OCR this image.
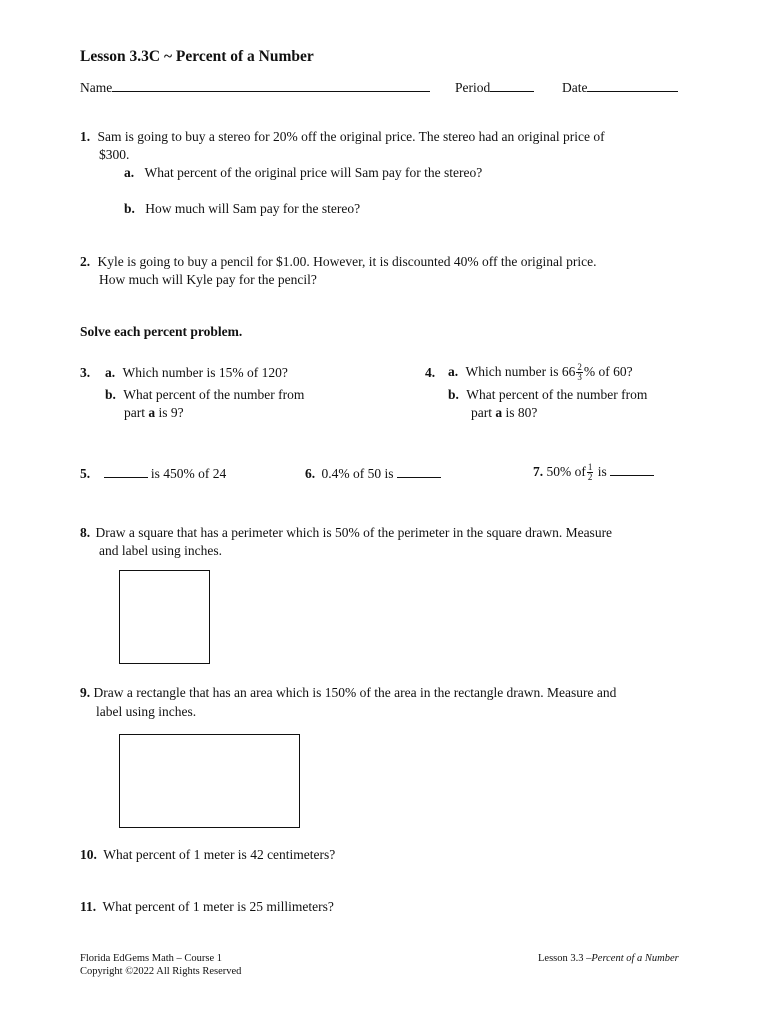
Lesson 3.3C ~ Percent of a Number
Name	Period	Date
1. Sam is going to buy a stereo for 20% off the original price. The stereo had an original price of
$300.
a. What percent of the original price will Sam pay for the stereo?
b. How much will Sam pay for the stereo?
2. Kyle is going to buy a pencil for $1.00. However, it is discounted 40% off the original price.
How much will Kyle pay for the pencil?
Solve each percent problem.
3. a. Which number is 15% of 120?
b. What percent of the number from
part a is 9?
4. a. Which number is $66 \frac{2}{3}$ % of 60?
b. What percent of the number from
part a is 80?
5.	is 450% of 24	6. 0.4% of 50 is	7. 50% of $\frac{1}{2}$ is
8. Draw a square that has a perimeter which is 50% of the perimeter in the square drawn. Measure
and label using inches.
9. Draw a rectangle that has an area which is 150% of the area in the rectangle drawn. Measure and
label using inches.
10. What percent of 1 meter is 42 centimeters?
11. What percent of 1 meter is 25 millimeters?
Florida EdGems Math – Course 1
Copyright ©2022 All Rights Reserved
Lesson 3.3 –Percent of a Number
